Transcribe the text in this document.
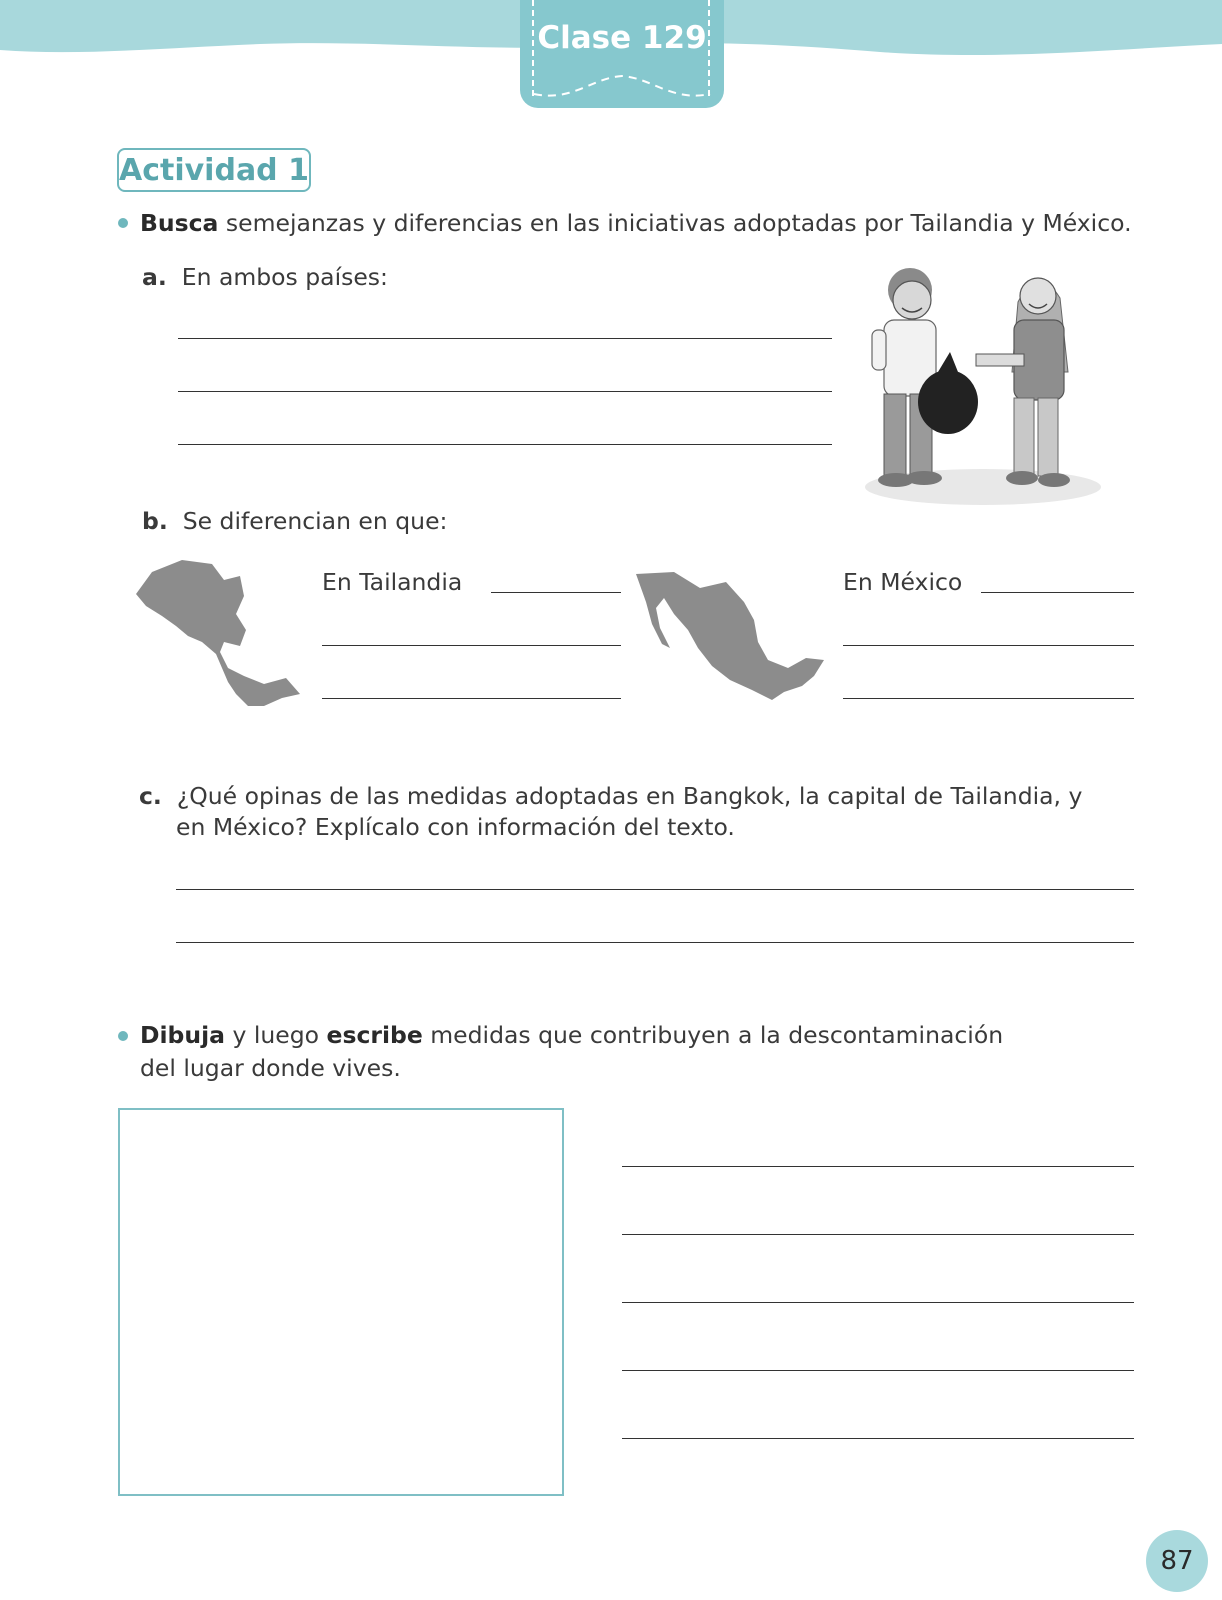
Clase 129
Actividad 1
Busca semejanzas y diferencias en las iniciativas adoptadas por Tailandia y México.
a. En ambos países:
b. Se diferencian en que:
En Tailandia	En México
c. ¿Qué opinas de las medidas adoptadas en Bangkok, la capital de Tailandia, y
en México? Explícalo con información del texto.
Dibuja y luego escribe medidas que contribuyen a la descontaminación
del lugar donde vives.
87
